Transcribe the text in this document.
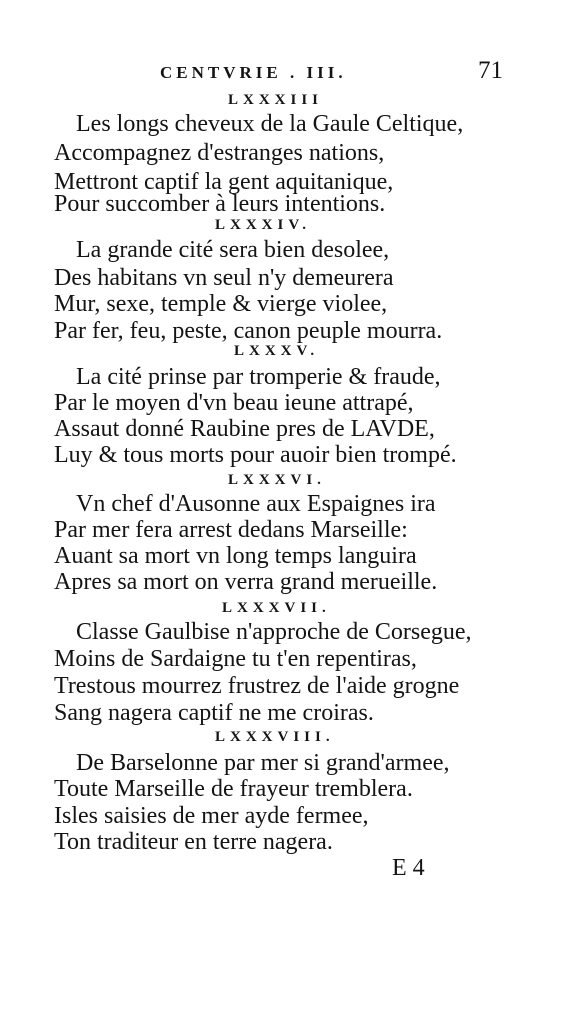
CENTVRIE . III.	71
LXXXIII
Les longs cheveux de la Gaule Celtique,
Accompagnez d'estranges nations,
Mettront captif la gent aquitanique,
Pour succomber à leurs intentions.
LXXXIV.
La grande cité sera bien desolee,
Des habitans vn seul n'y demeurera
Mur, sexe, temple & vierge violee,
Par fer, feu, peste, canon peuple mourra.
LXXXV.
La cité prinse par tromperie & fraude,
Par le moyen d'vn beau ieune attrapé,
Assaut donné Raubine pres de LAVDE,
Luy & tous morts pour auoir bien trompé.
LXXXVI.
Vn chef d'Ausonne aux Espaignes ira
Par mer fera arrest dedans Marseille:
Auant sa mort vn long temps languira
Apres sa mort on verra grand merueille.
LXXXVII.
Classe Gaulbise n'approche de Corsegue,
Moins de Sardaigne tu t'en repentiras,
Trestous mourrez frustrez de l'aide grogne
Sang nagera captif ne me croiras.
LXXXVIII.
De Barselonne par mer si grand'armee,
Toute Marseille de frayeur tremblera.
Isles saisies de mer ayde fermee,
Ton traditeur en terre nagera.
E 4
